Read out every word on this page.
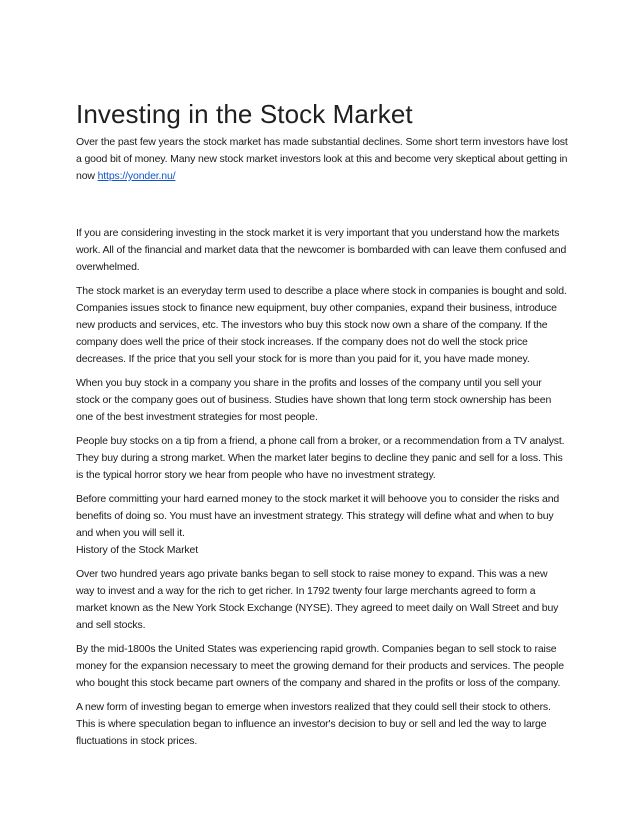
Investing in the Stock Market

Over the past few years the stock market has made substantial declines. Some short term investors have lost a good bit of money. Many new stock market investors look at this and become very skeptical about getting in now https://yonder.nu/

If you are considering investing in the stock market it is very important that you understand how the markets work. All of the financial and market data that the newcomer is bombarded with can leave them confused and overwhelmed.

The stock market is an everyday term used to describe a place where stock in companies is bought and sold. Companies issues stock to finance new equipment, buy other companies, expand their business, introduce new products and services, etc. The investors who buy this stock now own a share of the company. If the company does well the price of their stock increases. If the company does not do well the stock price decreases. If the price that you sell your stock for is more than you paid for it, you have made money.

When you buy stock in a company you share in the profits and losses of the company until you sell your stock or the company goes out of business. Studies have shown that long term stock ownership has been one of the best investment strategies for most people.

People buy stocks on a tip from a friend, a phone call from a broker, or a recommendation from a TV analyst. They buy during a strong market. When the market later begins to decline they panic and sell for a loss. This is the typical horror story we hear from people who have no investment strategy.

Before committing your hard earned money to the stock market it will behoove you to consider the risks and benefits of doing so. You must have an investment strategy. This strategy will define what and when to buy and when you will sell it.

History of the Stock Market

Over two hundred years ago private banks began to sell stock to raise money to expand. This was a new way to invest and a way for the rich to get richer. In 1792 twenty four large merchants agreed to form a market known as the New York Stock Exchange (NYSE). They agreed to meet daily on Wall Street and buy and sell stocks.

By the mid-1800s the United States was experiencing rapid growth. Companies began to sell stock to raise money for the expansion necessary to meet the growing demand for their products and services. The people who bought this stock became part owners of the company and shared in the profits or loss of the company.

A new form of investing began to emerge when investors realized that they could sell their stock to others. This is where speculation began to influence an investor's decision to buy or sell and led the way to large fluctuations in stock prices.
